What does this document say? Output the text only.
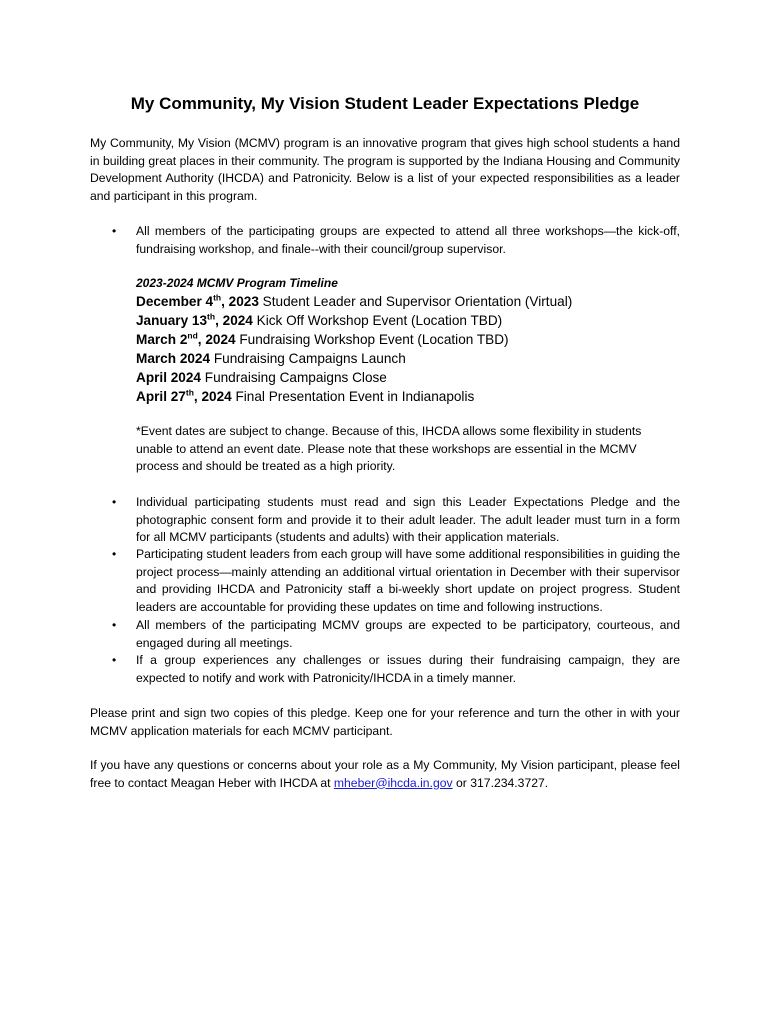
My Community, My Vision Student Leader Expectations Pledge

My Community, My Vision (MCMV) program is an innovative program that gives high school students a hand in building great places in their community. The program is supported by the Indiana Housing and Community Development Authority (IHCDA) and Patronicity. Below is a list of your expected responsibilities as a leader and participant in this program.

• All members of the participating groups are expected to attend all three workshops—the kick-off, fundraising workshop, and finale--with their council/group supervisor.

2023-2024 MCMV Program Timeline
December 4th, 2023 Student Leader and Supervisor Orientation (Virtual)
January 13th, 2024 Kick Off Workshop Event (Location TBD)
March 2nd, 2024 Fundraising Workshop Event (Location TBD)
March 2024 Fundraising Campaigns Launch
April 2024 Fundraising Campaigns Close
April 27th, 2024 Final Presentation Event in Indianapolis

*Event dates are subject to change. Because of this, IHCDA allows some flexibility in students unable to attend an event date. Please note that these workshops are essential in the MCMV process and should be treated as a high priority.

• Individual participating students must read and sign this Leader Expectations Pledge and the photographic consent form and provide it to their adult leader. The adult leader must turn in a form for all MCMV participants (students and adults) with their application materials.

• Participating student leaders from each group will have some additional responsibilities in guiding the project process—mainly attending an additional virtual orientation in December with their supervisor and providing IHCDA and Patronicity staff a bi-weekly short update on project progress. Student leaders are accountable for providing these updates on time and following instructions.

• All members of the participating MCMV groups are expected to be participatory, courteous, and engaged during all meetings.

• If a group experiences any challenges or issues during their fundraising campaign, they are expected to notify and work with Patronicity/IHCDA in a timely manner.

Please print and sign two copies of this pledge. Keep one for your reference and turn the other in with your MCMV application materials for each MCMV participant.

If you have any questions or concerns about your role as a My Community, My Vision participant, please feel free to contact Meagan Heber with IHCDA at mheber@ihcda.in.gov or 317.234.3727.
